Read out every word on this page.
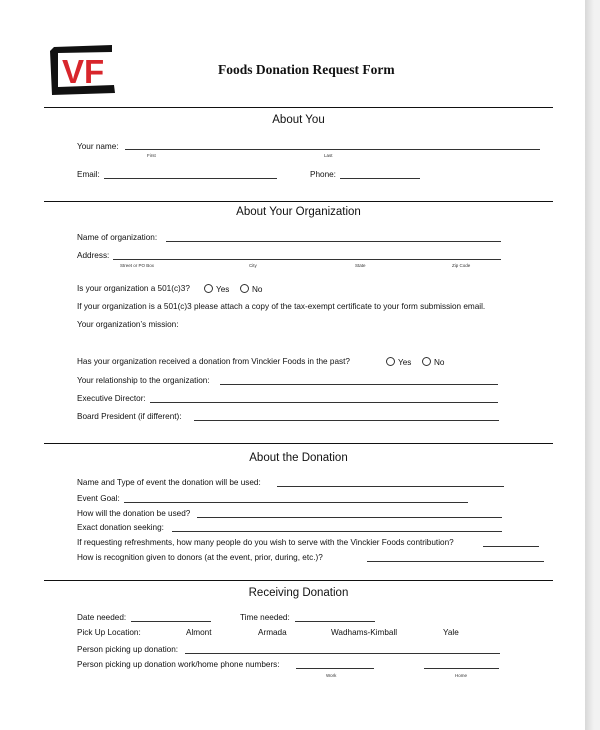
VF	Foods Donation Request Form
About You
Your name:
First	Last
Email:	Phone:
About Your Organization
Name of organization:
Address:
Street or PO Box	City	State	Zip Code
Is your organization a 501(c)3?	Yes	No
If your organization is a 501(c)3 please attach a copy of the tax-exempt certificate to your form submission email.
Your organization’s mission:
Has your organization received a donation from Vinckier Foods in the past?	Yes	No
Your relationship to the organization:
Executive Director:
Board President (if different):
About the Donation
Name and Type of event the donation will be used:
Event Goal:
How will the donation be used?
Exact donation seeking:
If requesting refreshments, how many people do you wish to serve with the Vinckier Foods contribution?
How is recognition given to donors (at the event, prior, during, etc.)?
Receiving Donation
Date needed:	Time needed:
Pick Up Location:	Almont	Armada	Wadhams-Kimball	Yale
Person picking up donation:
Person picking up donation work/home phone numbers:
Work	Home
